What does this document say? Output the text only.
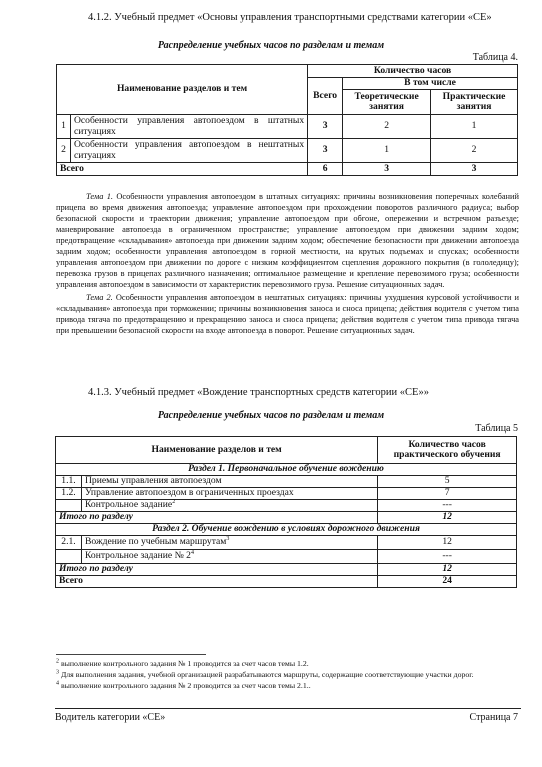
4.1.2. Учебный предмет «Основы управления транспортными средствами категории «СЕ»
Распределение учебных часов по разделам и темам
Таблица 4.
Наименование разделов и тем		Количество часов		
		Всего	В том числе	
			Теоретические занятия	Практические занятия
1	Особенности управления автопоездом в штатных ситуациях	3	2	1
2	Особенности управления автопоездом в нештатных ситуациях	3	1	2
Всего		6	3	3
Тема 1. Особенности управления автопоездом в штатных ситуациях: причины возникновения поперечных колебаний прицепа во время движения автопоезда; управление автопоездом при прохождении поворотов различного радиуса; выбор безопасной скорости и траектории движения; управление автопоездом при обгоне, опережении и встречном разъезде; маневрирование автопоезда в ограниченном пространстве; управление автопоездом при движении задним ходом; предотвращение «складывания» автопоезда при движении задним ходом; обеспечение безопасности при движении автопоезда задним ходом; особенности управления автопоездом в горной местности, на крутых подъемах и спусках; особенности управления автопоездом при движении по дороге с низким коэффициентом сцепления дорожного покрытия (в гололедицу); перевозка грузов в прицепах различного назначения; оптимальное размещение и крепление перевозимого груза; особенности управления автопоездом в зависимости от характеристик перевозимого груза. Решение ситуационных задач.
Тема 2. Особенности управления автопоездом в нештатных ситуациях: причины ухудшения курсовой устойчивости и «складывания» автопоезда при торможении; причины возникновения заноса и сноса прицепа; действия водителя с учетом типа привода тягача по предотвращению и прекращению заноса и сноса прицепа; действия водителя с учетом типа привода тягача при превышении безопасной скорости на входе автопоезда в поворот. Решение ситуационных задач.
4.1.3. Учебный предмет «Вождение транспортных средств категории «СЕ»»
Распределение учебных часов по разделам и темам
Таблица 5
Наименование разделов и тем		Количество часов практического обучения
Раздел 1. Первоначальное обучение вождению		
1.1.	Приемы управления автопоездом	5
1.2.	Управление автопоездом в ограниченных проездах	7
	Контрольное задание$^2$	---
Итого по разделу		12
Раздел 2. Обучение вождению в условиях дорожного движения		
2.1.	Вождение по учебным маршрутам$^3$	12
	Контрольное задание № $2^4$	---
Итого по разделу		12
Всего		24
$^2$ выполнение контрольного задания № 1 проводится за счет часов темы 1.2.
$^3$ Для выполнения задания, учебной организацией разрабатываются маршруты, содержащие соответствующие участки дорог.
$^4$ выполнение контрольного задания № 2 проводится за счет часов темы 2.1..
Водитель категории «СЕ»	Страница 7
